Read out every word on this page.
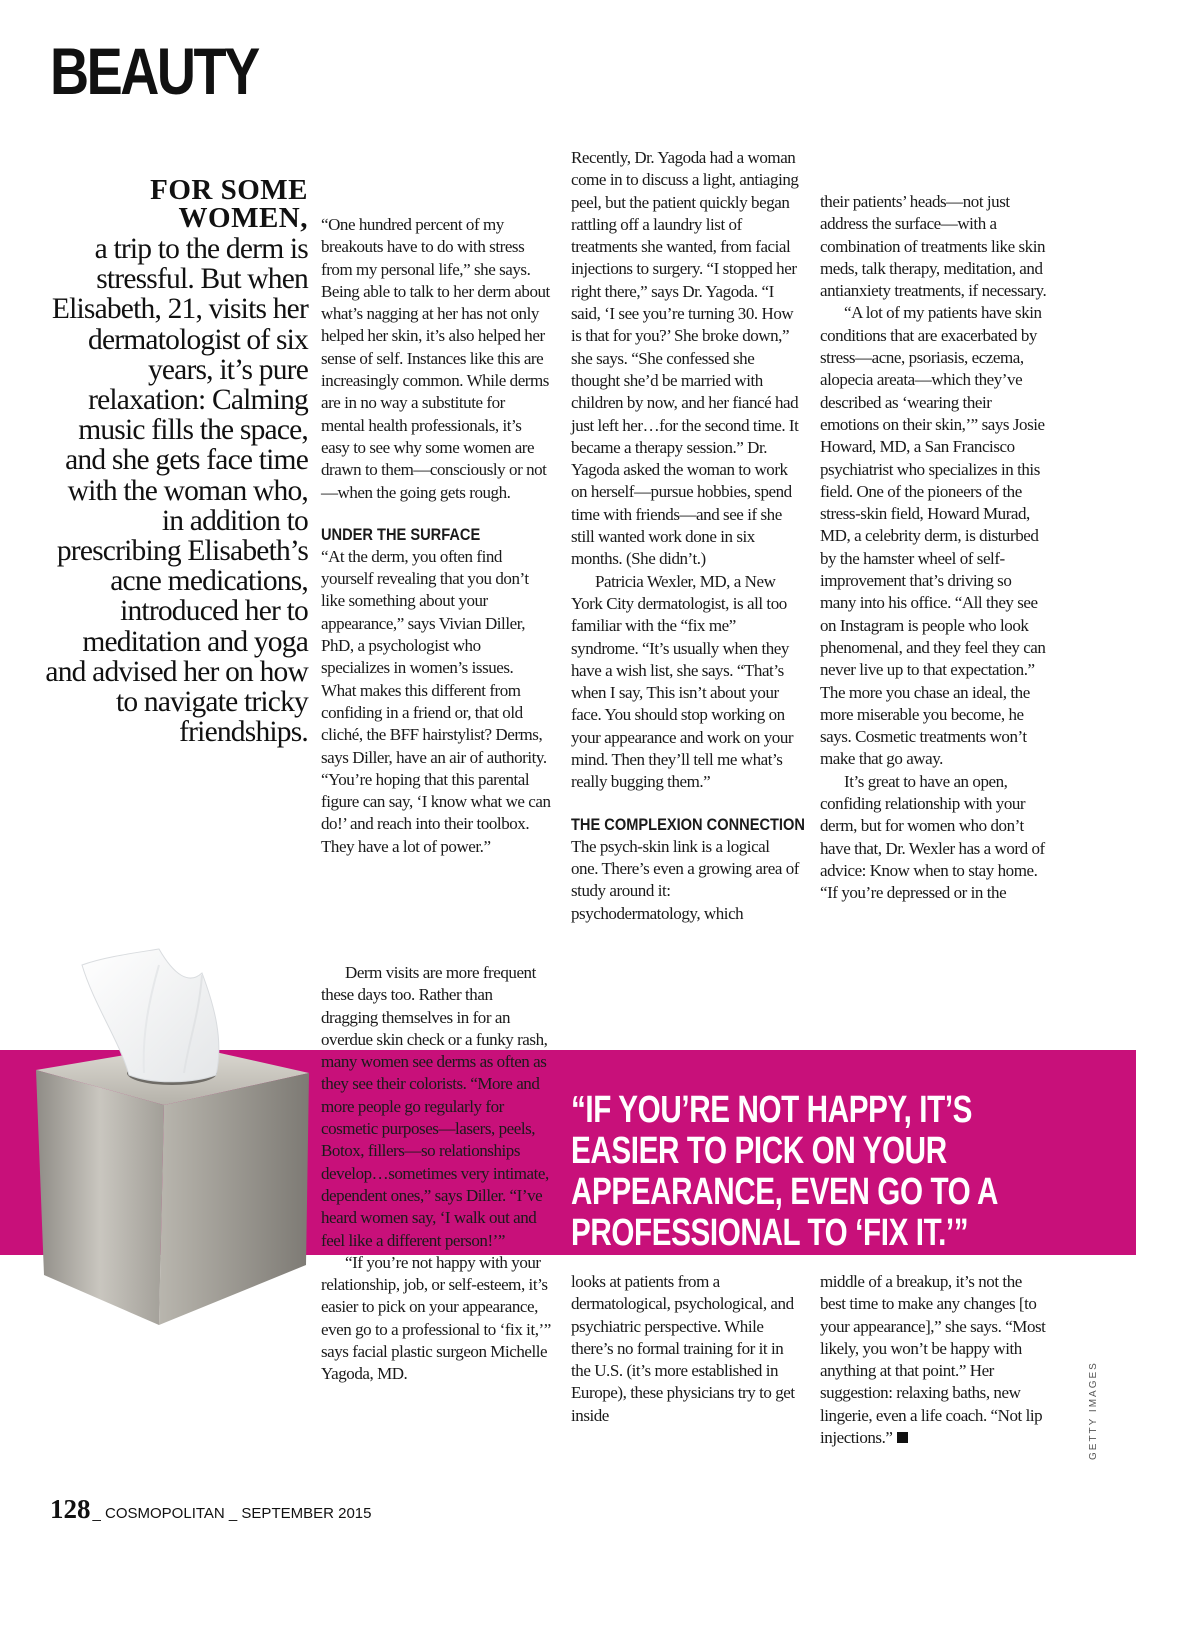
BEAUTY
FOR SOME WOMEN,
a trip to the derm is stressful. But when Elisabeth, 21, visits her dermatologist of six years, it’s pure relaxation: Calming music fills the space, and she gets face time with the woman who, in addition to prescribing Elisabeth’s acne medications, introduced her to meditation and yoga and advised her on how to navigate tricky friendships.

“One hundred percent of my breakouts have to do with stress from my personal life,” she says. Being able to talk to her derm about what’s nagging at her has not only helped her skin, it’s also helped her sense of self. Instances like this are increasingly common. While derms are in no way a substitute for mental health professionals, it’s easy to see why some women are drawn to them—consciously or not—when the going gets rough.

UNDER THE SURFACE

“At the derm, you often find yourself revealing that you don’t like something about your appearance,” says Vivian Diller, PhD, a psychologist who specializes in women’s issues. What makes this different from confiding in a friend or, that old cliché, the BFF hairstylist? Derms, says Diller, have an air of authority. “You’re hoping that this parental figure can say, ‘I know what we can do!’ and reach into their toolbox. They have a lot of power.”

Recently, Dr. Yagoda had a woman come in to discuss a light, antiaging peel, but the patient quickly began rattling off a laundry list of treatments she wanted, from facial injections to surgery. “I stopped her right there,” says Dr. Yagoda. “I said, ‘I see you’re turning 30. How is that for you?’ She broke down,” she says. “She confessed she thought she’d be married with children by now, and her fiancé had just left her…for the second time. It became a therapy session.” Dr. Yagoda asked the woman to work on herself—pursue hobbies, spend time with friends—and see if she still wanted work done in six months. (She didn’t.)

Patricia Wexler, MD, a New York City dermatologist, is all too familiar with the “fix me” syndrome. “It’s usually when they have a wish list, she says. “That’s when I say, This isn’t about your face. You should stop working on your appearance and work on your mind. Then they’ll tell me what’s really bugging them.”

THE COMPLEXION CONNECTION

The psych-skin link is a logical one. There’s even a growing area of study around it: psychodermatology, which

their patients’ heads—not just address the surface—with a combination of treatments like skin meds, talk therapy, meditation, and antianxiety treatments, if necessary.

“A lot of my patients have skin conditions that are exacerbated by stress—acne, psoriasis, eczema, alopecia areata—which they’ve described as ‘wearing their emotions on their skin,’” says Josie Howard, MD, a San Francisco psychiatrist who specializes in this field. One of the pioneers of the stress-skin field, Howard Murad, MD, a celebrity derm, is disturbed by the hamster wheel of self-improvement that’s driving so many into his office. “All they see on Instagram is people who look phenomenal, and they feel they can never live up to that expectation.” The more you chase an ideal, the more miserable you become, he says. Cosmetic treatments won’t make that go away.

It’s great to have an open, confiding relationship with your derm, but for women who don’t have that, Dr. Wexler has a word of advice: Know when to stay home. “If you’re depressed or in the

Derm visits are more frequent these days too. Rather than dragging themselves in for an overdue skin check or a funky rash, many women see derms as often as they see their colorists. “More and more people go regularly for cosmetic purposes—lasers, peels, Botox, fillers—so relationships develop…sometimes very intimate, dependent ones,” says Diller. “I’ve heard women say, ‘I walk out and feel like a different person!’”

“If you’re not happy with your relationship, job, or self-esteem, it’s easier to pick on your appearance, even go to a professional to ‘fix it,’” says facial plastic surgeon Michelle Yagoda, MD.

“IF YOU’RE NOT HAPPY, IT’S EASIER TO PICK ON YOUR APPEARANCE, EVEN GO TO A PROFESSIONAL TO ‘FIX IT.’”

looks at patients from a dermatological, psychological, and psychiatric perspective. While there’s no formal training for it in the U.S. (it’s more established in Europe), these physicians try to get inside

middle of a breakup, it’s not the best time to make any changes [to your appearance],” she says. “Most likely, you won’t be happy with anything at that point.” Her suggestion: relaxing baths, new lingerie, even a life coach. “Not lip injections.”

128 _ COSMOPOLITAN _ SEPTEMBER 2015
GETTY IMAGES
